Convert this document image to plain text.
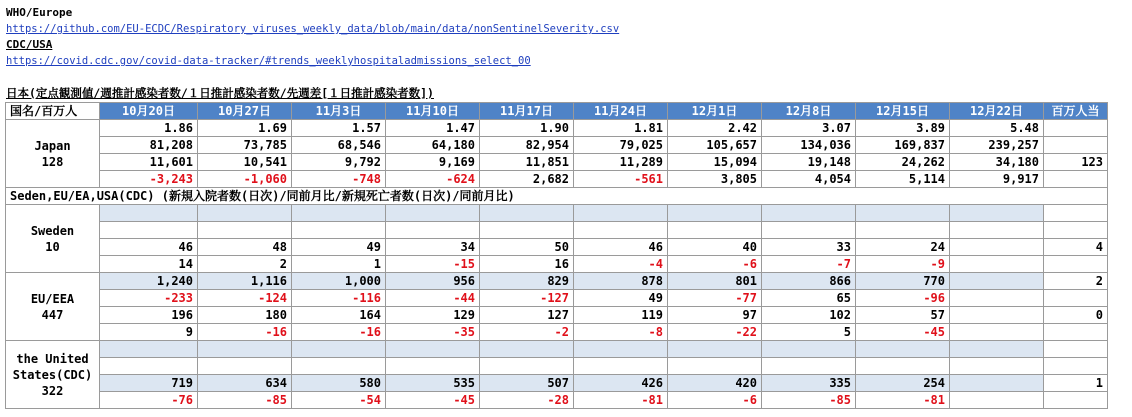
WHO/Europe
https://github.com/EU-ECDC/Respiratory_viruses_weekly_data/blob/main/data/nonSentinelSeverity.csv
CDC/USA
https://covid.cdc.gov/covid-data-tracker/#trends_weeklyhospitaladmissions_select_00
日本(定点観測値/週推計感染者数/１日推計感染者数/先週差[１日推計感染者数])
国名/百万人	10月20日	10月27日	11月3日	11月10日	11月17日	11月24日	12月1日	12月8日	12月15日	12月22日	百万人当

Japan
128	1.86	1.69	1.57	1.47	1.90	1.81	2.42	3.07	3.89	5.48	
	81,208	73,785	68,546	64,180	82,954	79,025	105,657	134,036	169,837	239,257	
	11,601	10,541	9,792	9,169	11,851	11,289	15,094	19,148	24,262	34,180	123
	-3,243	-1,060	-748	-624	2,682	-561	3,805	4,054	5,114	9,917	
Seden,EU/EA,USA(CDC) (新規入院者数(日次)/同前月比/新規死亡者数(日次)/同前月比)											

Sweden
10											

	46	48	49	34	50	46	40	33	24		4
	14	2	1	-15	16	-4	-6	-7	-9		

EU/EEA
447	1,240	1,116	1,000	956	829	878	801	866	770		2
	-233	-124	-116	-44	-127	49	-77	65	-96		
	196	180	164	129	127	119	97	102	57		0
	9	-16	-16	-35	-2	-8	-22	5	-45		

the United
States(CDC)
322											

	719	634	580	535	507	426	420	335	254		1
	-76	-85	-54	-45	-28	-81	-6	-85	-81		
